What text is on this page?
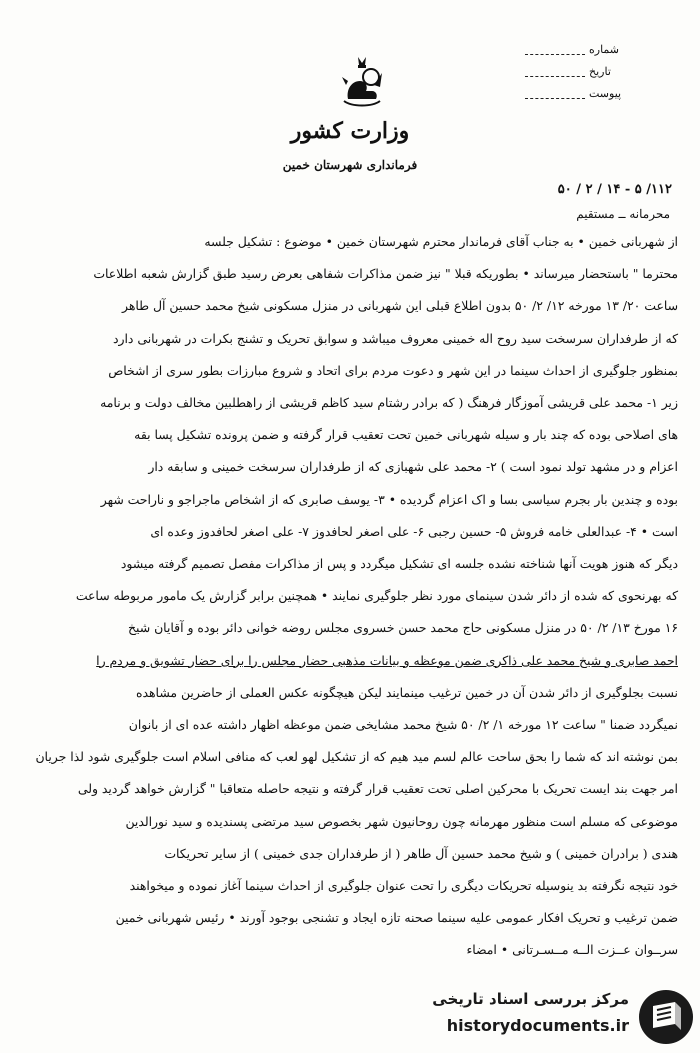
شماره
تاریخ
پیوست
وزارت کشور
فرمانداری شهرستان خمین
۱۱۲/ ۵ - ۱۴ / ۲ / ۵۰
محرمانه ــ مستقیم

از شهربانی خمین • به جناب آقای فرماندار محترم شهرستان خمین • موضوع : تشکیل جلسه

محترما " باستحضار میرساند • بطوریکه قبلا " نیز ضمن مذاکرات شفاهی بعرض رسید طبق گزارش شعبه اطلاعات

ساعت ۲۰/ ۱۳ مورخه ۱۲/ ۲/ ۵۰ بدون اطلاع قبلی این شهربانی در منزل مسکونی شیخ محمد حسین آل طاهر

که از طرفداران سرسخت سید روح اله خمینی معروف میباشد و سوابق تحریک و تشنج بکرات در شهربانی دارد

بمنظور جلوگیری از احداث سینما در این شهر و دعوت مردم برای اتحاد و شروع مبارزات بطور سری از اشخاص

زیر ۱- محمد علی قریشی آموزگار فرهنگ ( که برادر رشتام سید کاظم قریشی از راهطلبین مخالف دولت و برنامه

های اصلاحی بوده که چند بار و سیله شهربانی خمین تحت تعقیب قرار گرفته و ضمن پرونده تشکیل پسا بقه

اعزام و در مشهد تولد نمود است ) ۲- محمد علی شهبازی که از طرفداران سرسخت خمینی و سابقه دار

بوده و چندین بار بجرم سیاسی بسا و اک اعزام گردیده • ۳- یوسف صابری که از اشخاص ماجراجو و ناراحت شهر

است • ۴- عبدالعلی خامه فروش ۵- حسین رجبی ۶- علی اصغر لحافدوز ۷- علی اصغر لحافدوز وعده ای

دیگر که هنوز هویت آنها شناخته نشده جلسه ای تشکیل میگردد و پس از مذاکرات مفصل تصمیم گرفته میشود

که بهرنحوی که شده از دائر شدن سینمای مورد نظر جلوگیری نمایند • همچنین برابر گزارش یک مامور مربوطه ساعت

۱۶ مورخ ۱۳/ ۲/ ۵۰ در منزل مسکونی حاج محمد حسن خسروی مجلس روضه خوانی دائر بوده و آقایان شیخ

احمد صابری و شیخ محمد علی ذاکری ضمن موعظه و بیانات مذهبی حضار مجلس را برای حضار تشویق و مردم را

نسبت بجلوگیری از دائر شدن آن در خمین ترغیب مینمایند لیکن هیچگونه عکس العملی از حاضرین مشاهده

نمیگردد ضمنا " ساعت ۱۲ مورخه ۱/ ۲/ ۵۰ شیخ محمد مشایخی ضمن موعظه اظهار داشته عده ای از بانوان

بمن نوشته اند که شما را بحق ساحت عالم لسم مید هیم که از تشکیل لهو لعب که منافی اسلام است جلوگیری شود لذا جریان

امر جهت بند ایست تحریک با محرکین اصلی تحت تعقیب قرار گرفته و نتیجه حاصله متعاقبا " گزارش خواهد گردید ولی

موضوعی که مسلم است منظور مهرمانه چون روحانیون شهر بخصوص سید مرتضی پسندیده و سید نورالدین

هندی ( برادران خمینی ) و شیخ محمد حسین آل طاهر ( از طرفداران جدی خمینی ) از سایر تحریکات

خود نتیجه نگرفته بد ینوسیله تحریکات دیگری را تحت عنوان جلوگیری از احداث سینما آغاز نموده و میخواهند

ضمن ترغیب و تحریک افکار عمومی علیه سینما صحنه تازه ایجاد و تشنجی بوجود آورند • رئیس شهربانی خمین

سرــوان عــزت الــه مــسـرتانی • امضاء

مرکز بررسی اسناد تاریخی
historydocuments.ir
